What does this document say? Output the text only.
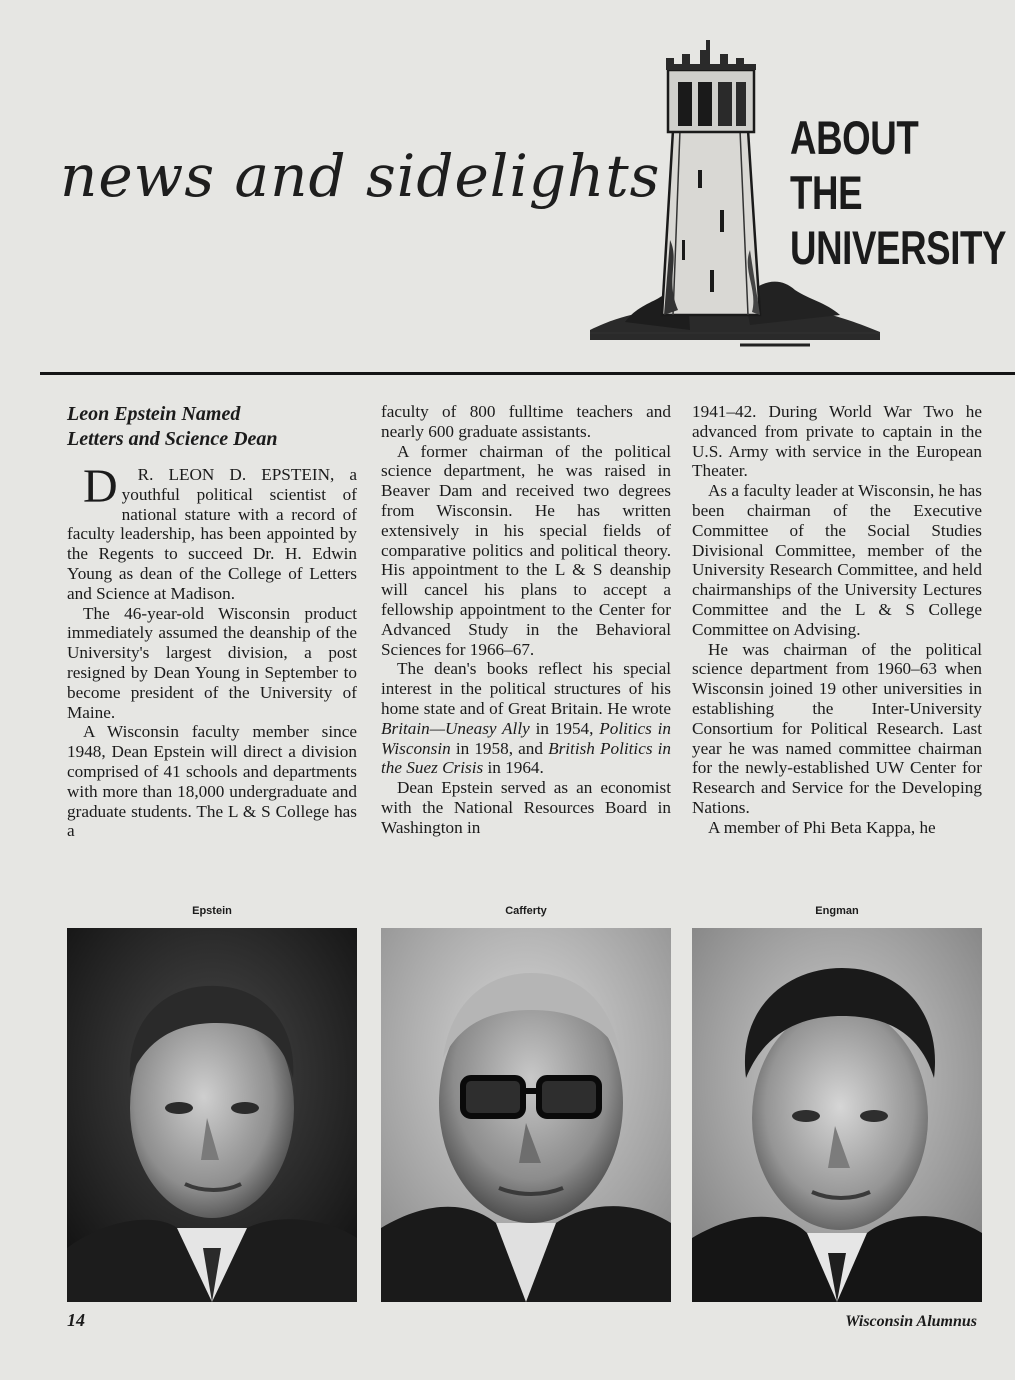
news and sidelights
ABOUT
THE
UNIVERSITY
Leon Epstein Named
Letters and Science Dean

D R. LEON D. EPSTEIN, a youthful political scientist of national stature with a record of faculty leadership, has been appointed by the Regents to succeed Dr. H. Edwin Young as dean of the College of Letters and Science at Madison.

The 46-year-old Wisconsin product immediately assumed the deanship of the University's largest division, a post resigned by Dean Young in September to become president of the University of Maine.

A Wisconsin faculty member since 1948, Dean Epstein will direct a division comprised of 41 schools and departments with more than 18,000 undergraduate and graduate students. The L & S College has a

faculty of 800 fulltime teachers and nearly 600 graduate assistants.

A former chairman of the political science department, he was raised in Beaver Dam and received two degrees from Wisconsin. He has written extensively in his special fields of comparative politics and political theory. His appointment to the L & S deanship will cancel his plans to accept a fellowship appointment to the Center for Advanced Study in the Behavioral Sciences for 1966–67.

The dean's books reflect his special interest in the political structures of his home state and of Great Britain. He wrote Britain—Uneasy Ally in 1954, Politics in Wisconsin in 1958, and British Politics in the Suez Crisis in 1964.

Dean Epstein served as an economist with the National Resources Board in Washington in

1941–42. During World War Two he advanced from private to captain in the U.S. Army with service in the European Theater.

As a faculty leader at Wisconsin, he has been chairman of the Executive Committee of the Social Studies Divisional Committee, member of the University Research Committee, and held chairmanships of the University Lectures Committee and the L & S College Committee on Advising.

He was chairman of the political science department from 1960–63 when Wisconsin joined 19 other universities in establishing the Inter-University Consortium for Political Research. Last year he was named committee chairman for the newly-established UW Center for Research and Service for the Developing Nations.

A member of Phi Beta Kappa, he

Epstein	Cafferty	Engman
14	Wisconsin Alumnus
